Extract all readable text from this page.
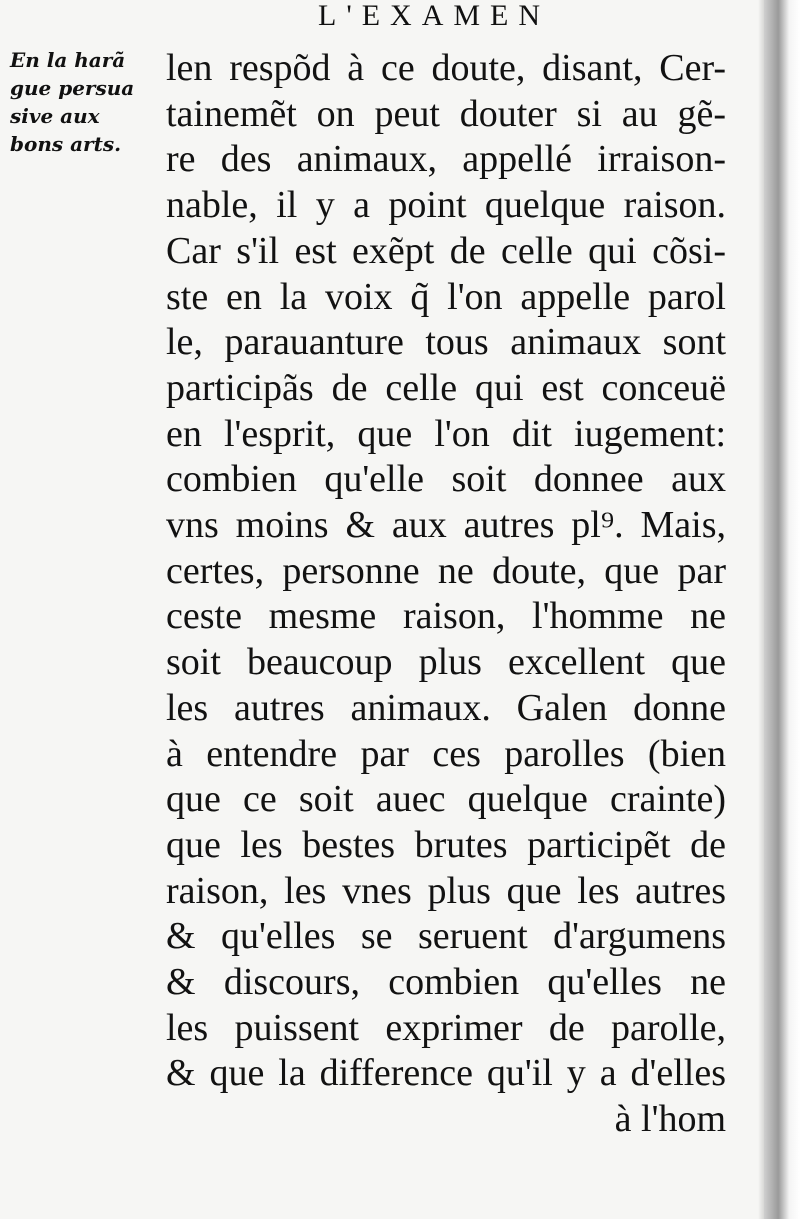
L'EXAMEN
En la harã
gue persua
sive aux
bons arts.
len respõd à ce doute, disant, Cer-
tainemẽt on peut douter si au gẽ-
re des animaux, appellé irraison-
nable, il y a point quelque raison.
Car s'il est exẽpt de celle qui cõsi-
ste en la voix q̃ l'on appelle parol
le, parauanture tous animaux sont
participãs de celle qui est conceuë
en l'esprit, que l'on dit iugement:
combien qu'elle soit donnee aux
vns moins & aux autres pl⁹. Mais,
certes, personne ne doute, que par
ceste mesme raison, l'homme ne
soit beaucoup plus excellent que
les autres animaux. Galen donne
à entendre par ces parolles (bien
que ce soit auec quelque crainte)
que les bestes brutes participẽt de
raison, les vnes plus que les autres
& qu'elles se seruent d'argumens
& discours, combien qu'elles ne
les puissent exprimer de parolle,
& que la difference qu'il y a d'elles
à l'hom
